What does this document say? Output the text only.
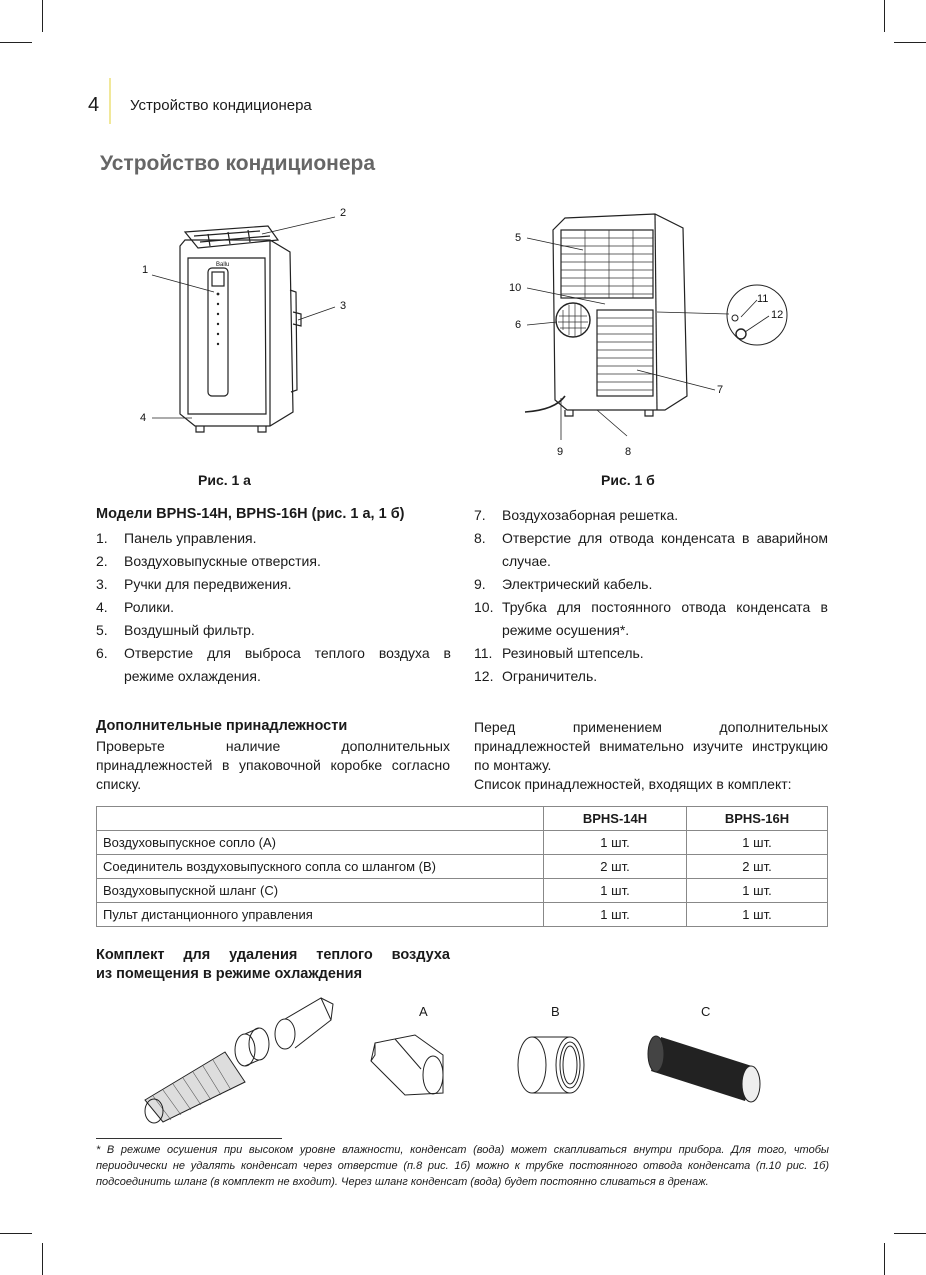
4 Устройство кондиционера
Устройство кондиционера
Ballu
1
2
3
4
5
10
6
11
12
7
9	8
Рис. 1 а	Рис. 1 б
Модели BPHS-14H, BPHS-16H (рис. 1 а, 1 б)
1. Панель управления.
2. Воздуховыпускные отверстия.
3. Ручки для передвижения.
4. Ролики.
5. Воздушный фильтр.
6. Отверстие для выброса теплого воздуха в режиме охлаждения.
7. Воздухозаборная решетка.
8. Отверстие для отвода конденсата в аварийном случае.
9. Электрический кабель.
10. Трубка для постоянного отвода конденсата в режиме осушения*.
11. Резиновый штепсель.
12. Ограничитель.
Дополнительные принадлежности
Проверьте наличие дополнительных принадлежностей в упаковочной коробке согласно списку.
Перед применением дополнительных принадлежностей внимательно изучите инструкцию по монтажу.
Список принадлежностей, входящих в комплект:
	BPHS-14H	BPHS-16H
Воздуховыпускное сопло (A)	1 шт.	1 шт.
Соединитель воздуховыпускного сопла со шлангом (B)	2 шт.	2 шт.
Воздуховыпускной шланг (C)	1 шт.	1 шт.
Пульт дистанционного управления	1 шт.	1 шт.
Комплект для удаления теплого воздуха
из помещения в режиме охлаждения
A	B	C
* В режиме осушения при высоком уровне влажности, конденсат (вода) может скапливаться внутри прибора. Для того, чтобы периодически не удалять конденсат через отверстие (п.8 рис. 1б) можно к трубке постоянного отвода конденсата (п.10 рис. 1б) подсоединить шланг (в комплект не входит). Через шланг конденсат (вода) будет постоянно сливаться в дренаж.
